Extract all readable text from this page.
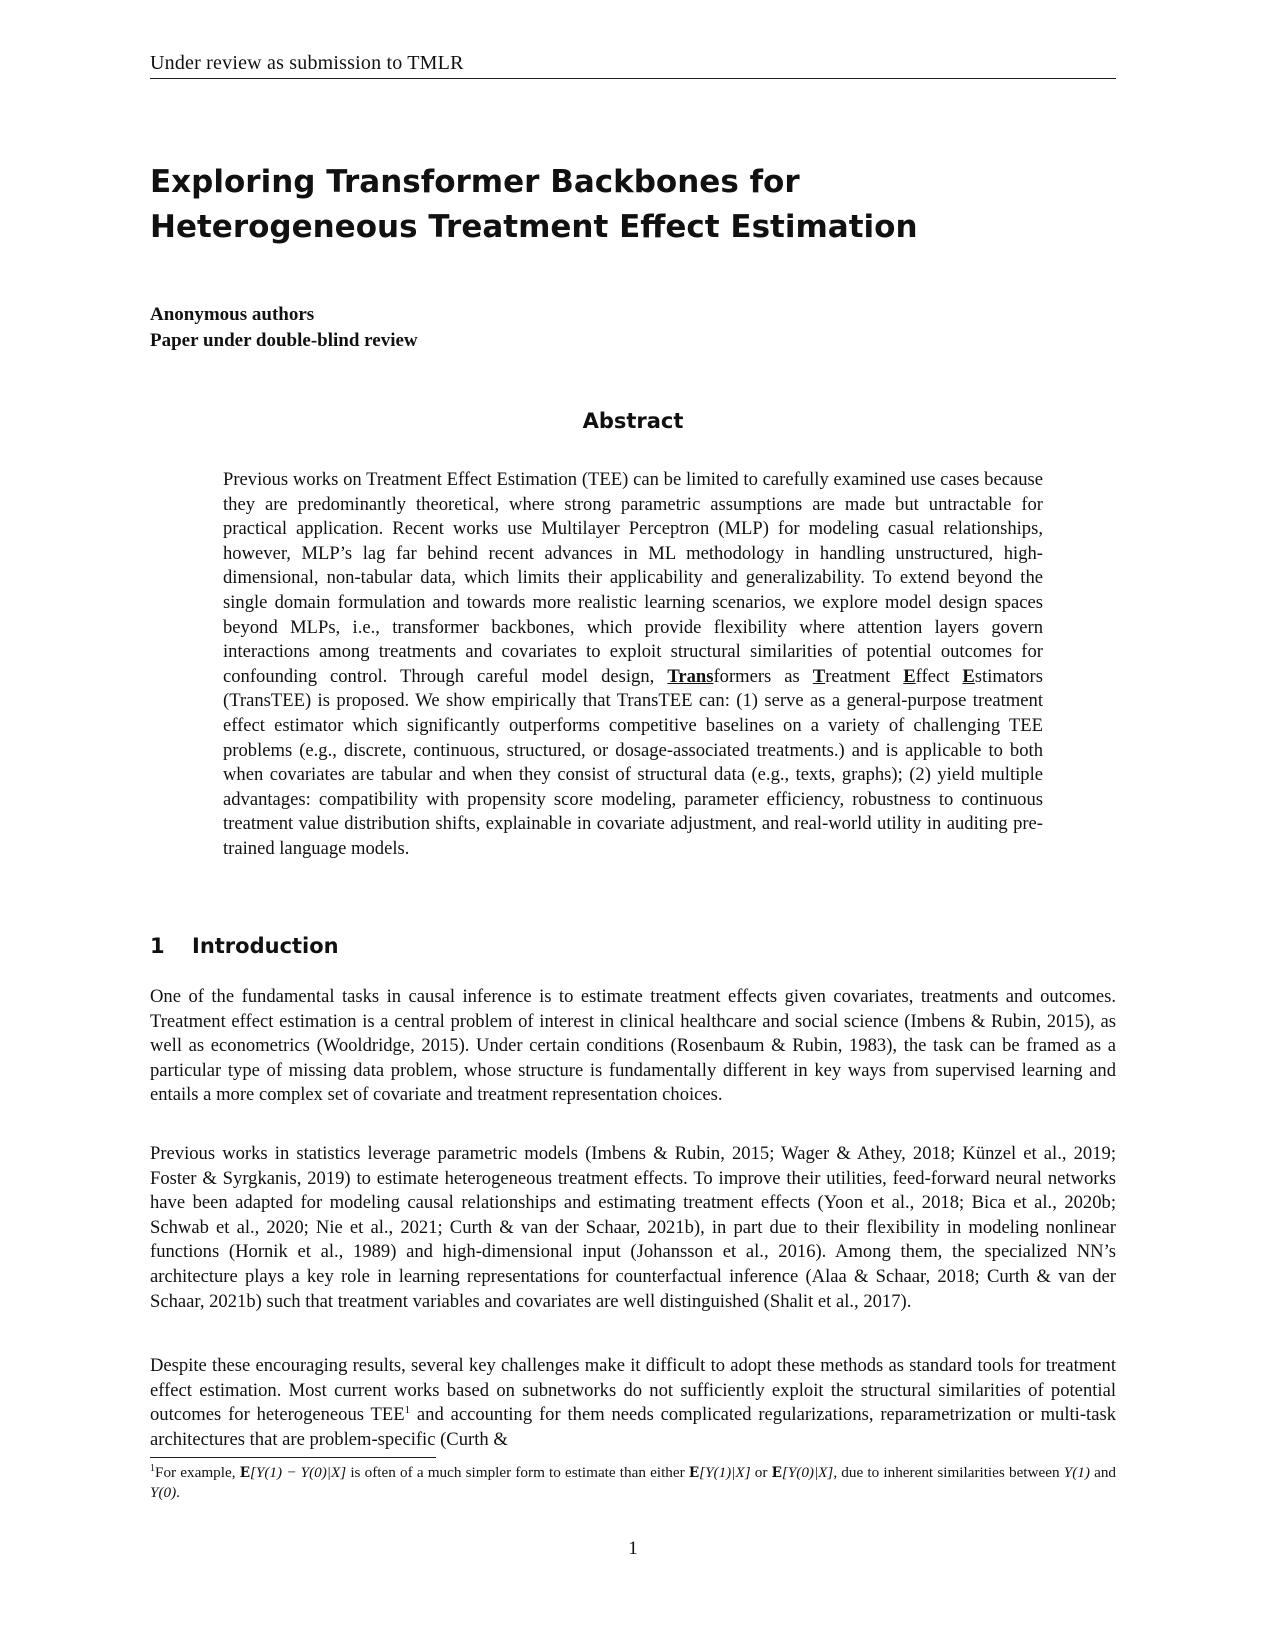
Under review as submission to TMLR
Exploring Transformer Backbones for
Heterogeneous Treatment Effect Estimation
Anonymous authors
Paper under double-blind review
Abstract
Previous works on Treatment Effect Estimation (TEE) can be limited to carefully examined use cases because they are predominantly theoretical, where strong parametric assumptions are made but untractable for practical application. Recent works use Multilayer Perceptron (MLP) for modeling casual relationships, however, MLP’s lag far behind recent advances in ML methodology in handling unstructured, high-dimensional, non-tabular data, which limits their applicability and generalizability. To extend beyond the single domain formulation and towards more realistic learning scenarios, we explore model design spaces beyond MLPs, i.e., transformer backbones, which provide flexibility where attention layers govern interactions among treatments and covariates to exploit structural similarities of potential outcomes for confounding control. Through careful model design, Transformers as Treatment Effect Estimators (TransTEE) is proposed. We show empirically that TransTEE can: (1) serve as a general-purpose treatment effect estimator which significantly outperforms competitive baselines on a variety of challenging TEE problems (e.g., discrete, continuous, structured, or dosage-associated treatments.) and is applicable to both when covariates are tabular and when they consist of structural data (e.g., texts, graphs); (2) yield multiple advantages: compatibility with propensity score modeling, parameter efficiency, robustness to continuous treatment value distribution shifts, explainable in covariate adjustment, and real-world utility in auditing pre-trained language models.
1 Introduction
One of the fundamental tasks in causal inference is to estimate treatment effects given covariates, treatments and outcomes. Treatment effect estimation is a central problem of interest in clinical healthcare and social science (Imbens & Rubin, 2015), as well as econometrics (Wooldridge, 2015). Under certain conditions (Rosenbaum & Rubin, 1983), the task can be framed as a particular type of missing data problem, whose structure is fundamentally different in key ways from supervised learning and entails a more complex set of covariate and treatment representation choices.
Previous works in statistics leverage parametric models (Imbens & Rubin, 2015; Wager & Athey, 2018; Künzel et al., 2019; Foster & Syrgkanis, 2019) to estimate heterogeneous treatment effects. To improve their utilities, feed-forward neural networks have been adapted for modeling causal relationships and estimating treatment effects (Yoon et al., 2018; Bica et al., 2020b; Schwab et al., 2020; Nie et al., 2021; Curth & van der Schaar, 2021b), in part due to their flexibility in modeling nonlinear functions (Hornik et al., 1989) and high-dimensional input (Johansson et al., 2016). Among them, the specialized NN’s architecture plays a key role in learning representations for counterfactual inference (Alaa & Schaar, 2018; Curth & van der Schaar, 2021b) such that treatment variables and covariates are well distinguished (Shalit et al., 2017).
Despite these encouraging results, several key challenges make it difficult to adopt these methods as standard tools for treatment effect estimation. Most current works based on subnetworks do not sufficiently exploit the structural similarities of potential outcomes for heterogeneous TEE$^1$ and accounting for them needs complicated regularizations, reparametrization or multi-task architectures that are problem-specific (Curth &
$^1$For example, E[Y(1) − Y(0)|X] is often of a much simpler form to estimate than either E[Y(1)|X] or E[Y(0)|X], due to inherent similarities between Y(1) and Y(0).
1
